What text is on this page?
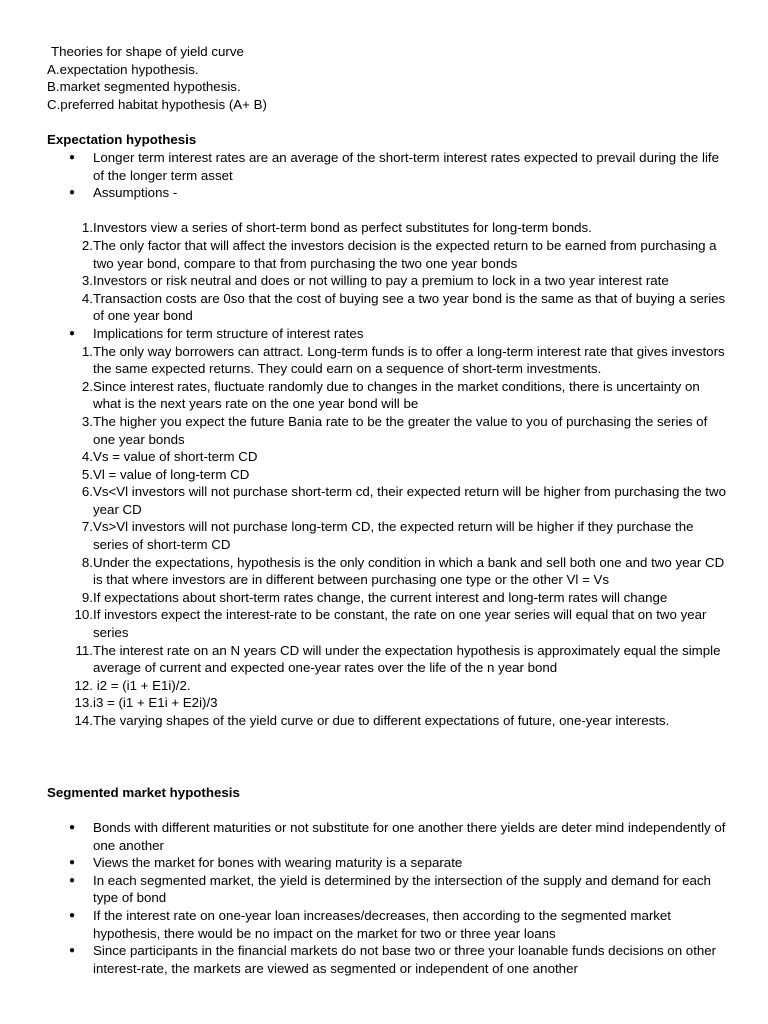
Theories for shape of yield curve
A.expectation hypothesis.
B.market segmented hypothesis.
C.preferred habitat hypothesis (A+ B)
Expectation hypothesis
Longer term interest rates are an average of the short-term interest rates expected to prevail during the life of the longer term asset
Assumptions -
1. Investors view a series of short-term bond as perfect substitutes for long-term bonds.
2. The only factor that will affect the investors decision is the expected return to be earned from purchasing a two year bond, compare to that from purchasing the two one year bonds
3. Investors or risk neutral and does or not willing to pay a premium to lock in a two year interest rate
4. Transaction costs are 0so that the cost of buying see a two year bond is the same as that of buying a series of one year bond
Implications for term structure of interest rates
1. The only way borrowers can attract. Long-term funds is to offer a long-term interest rate that gives investors the same expected returns. They could earn on a sequence of short-term investments.
2. Since interest rates, fluctuate randomly due to changes in the market conditions, there is uncertainty on what is the next years rate on the one year bond will be
3. The higher you expect the future Bania rate to be the greater the value to you of purchasing the series of one year bonds
4. Vs = value of short-term CD
5. Vl = value of long-term CD
6. Vs<Vl investors will not purchase short-term cd, their expected return will be higher from purchasing the two year CD
7. Vs>Vl investors will not purchase long-term CD, the expected return will be higher if they purchase the series of short-term CD
8. Under the expectations, hypothesis is the only condition in which a bank and sell both one and two year CD is that where investors are in different between purchasing one type or the other Vl = Vs
9. If expectations about short-term rates change, the current interest and long-term rates will change
10. If investors expect the interest-rate to be constant, the rate on one year series will equal that on two year series
11. The interest rate on an N years CD will under the expectation hypothesis is approximately equal the simple average of current and expected one-year rates over the life of the n year bond
12. i2 = (i1 + E1i)/2.
13. i3 = (i1 + E1i + E2i)/3
14. The varying shapes of the yield curve or due to different expectations of future, one-year interests.
Segmented market hypothesis
Bonds with different maturities or not substitute for one another there yields are deter mind independently of one another
Views the market for bones with wearing maturity is a separate
In each segmented market, the yield is determined by the intersection of the supply and demand for each type of bond
If the interest rate on one-year loan increases/decreases, then according to the segmented market hypothesis, there would be no impact on the market for two or three year loans
Since participants in the financial markets do not base two or three your loanable funds decisions on other interest-rate, the markets are viewed as segmented or independent of one another
